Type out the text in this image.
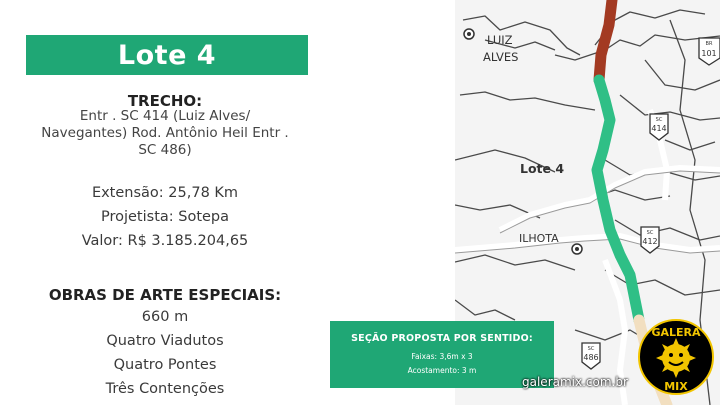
Lote 4
TRECHO:
Entr . SC 414 (Luiz Alves/
Navegantes) Rod. Antônio Heil Entr .
SC 486)
Extensão: 25,78 Km
Projetista: Sotepa
Valor: R$ 3.185.204,65
OBRAS DE ARTE ESPECIAIS:
660 m
Quatro Viadutos
Quatro Pontes
Três Contenções
LUIZ
ALVES
ILHOTA
Lote 4
SC
414
SC
412
SC
486
BR
101
SEÇÃO PROPOSTA POR SENTIDO:
Faixas: 3,6m x 3
Acostamento: 3 m
galeramix.com.br
GALERA
MIX
